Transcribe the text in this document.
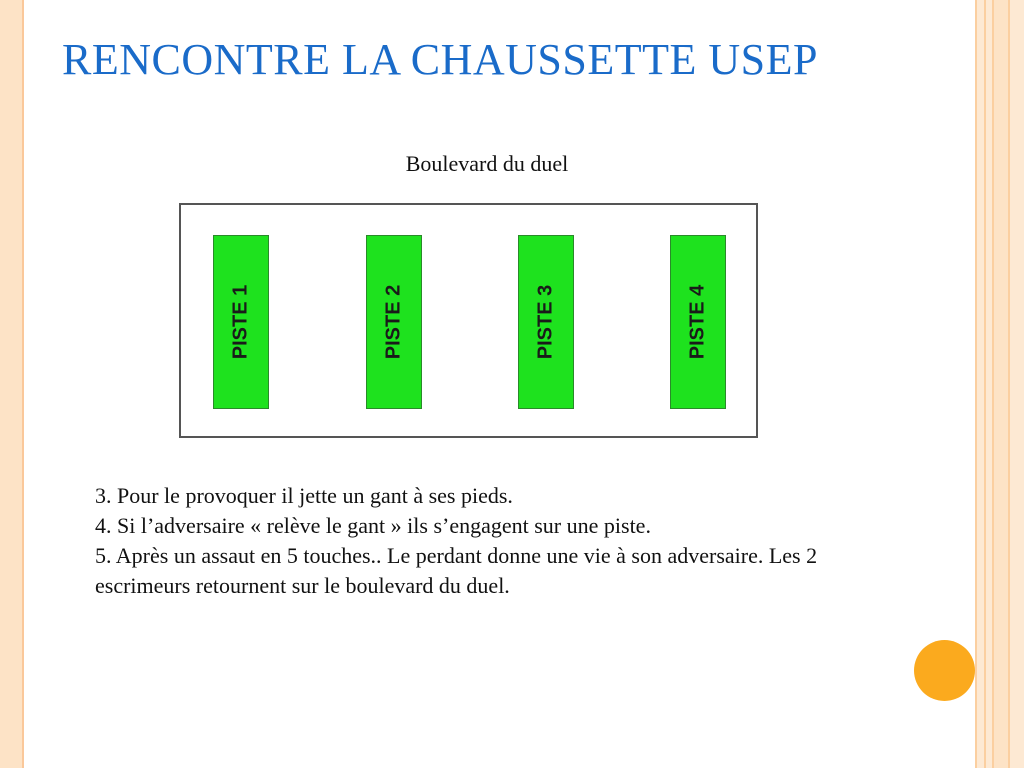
RENCONTRE LA CHAUSSETTE USEP
Boulevard du duel
PISTE 1	PISTE 2	PISTE 3	PISTE 4

3. Pour le provoquer il jette un gant à ses pieds.

4. Si l’adversaire « relève le gant » ils s’engagent sur une piste.

5. Après un assaut en 5 touches.. Le perdant donne une vie à son adversaire. Les 2 escrimeurs retournent sur le boulevard du duel.
